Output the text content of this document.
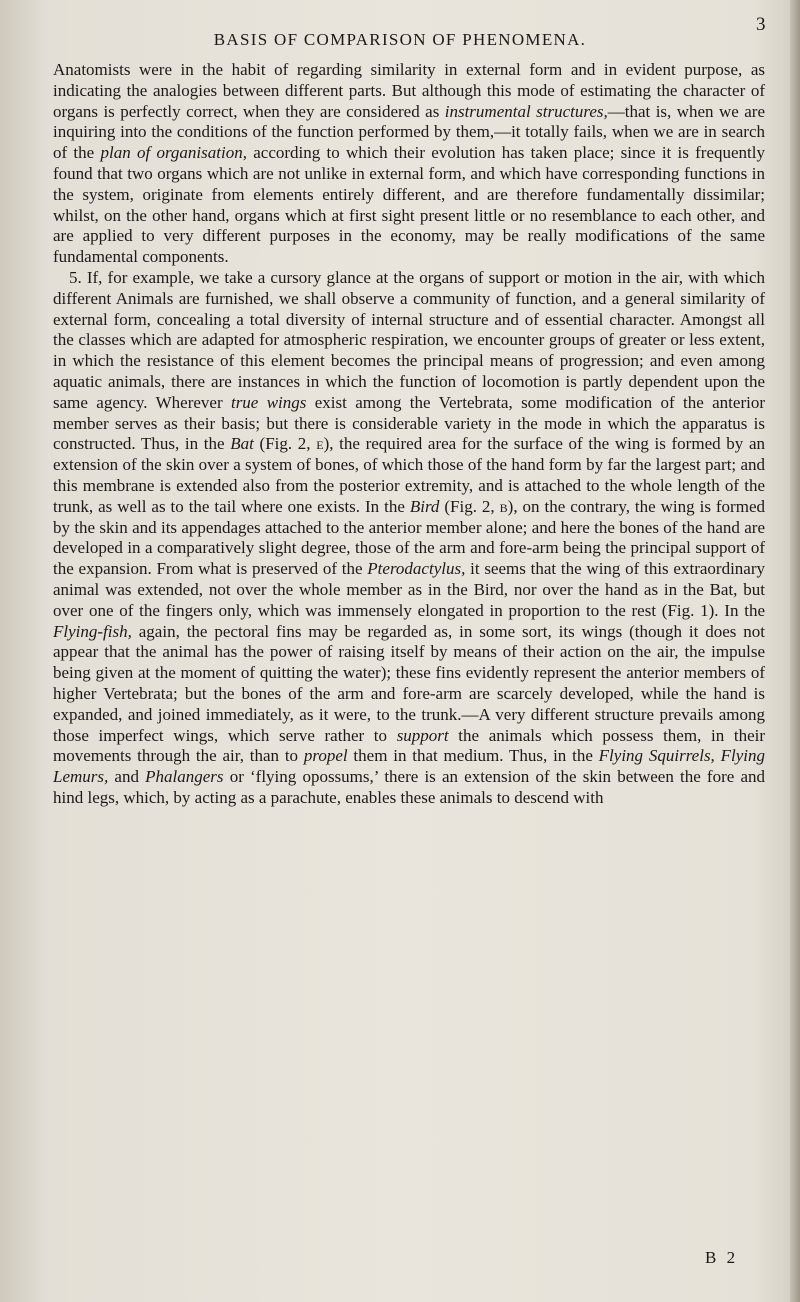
BASIS OF COMPARISON OF PHENOMENA.
3

Anatomists were in the habit of regarding similarity in external form and in evident purpose, as indicating the analogies between different parts. But although this mode of estimating the character of organs is perfectly correct, when they are considered as instrumental structures,—that is, when we are inquiring into the conditions of the function performed by them,—it totally fails, when we are in search of the plan of organisation, according to which their evolution has taken place; since it is frequently found that two organs which are not unlike in external form, and which have corresponding functions in the system, originate from elements entirely different, and are therefore fundamentally dissimilar; whilst, on the other hand, organs which at first sight present little or no resemblance to each other, and are applied to very different purposes in the economy, may be really modifications of the same fundamental components.

5. If, for example, we take a cursory glance at the organs of support or motion in the air, with which different Animals are furnished, we shall observe a community of function, and a general similarity of external form, concealing a total diversity of internal structure and of essential character. Amongst all the classes which are adapted for atmospheric respiration, we encounter groups of greater or less extent, in which the resistance of this element becomes the principal means of progression; and even among aquatic animals, there are instances in which the function of locomotion is partly dependent upon the same agency. Wherever true wings exist among the Vertebrata, some modification of the anterior member serves as their basis; but there is considerable variety in the mode in which the apparatus is constructed. Thus, in the Bat (Fig. 2, e), the required area for the surface of the wing is formed by an extension of the skin over a system of bones, of which those of the hand form by far the largest part; and this membrane is extended also from the posterior extremity, and is attached to the whole length of the trunk, as well as to the tail where one exists. In the Bird (Fig. 2, b), on the contrary, the wing is formed by the skin and its appendages attached to the anterior member alone; and here the bones of the hand are developed in a comparatively slight degree, those of the arm and fore-arm being the principal support of the expansion. From what is preserved of the Pterodactylus, it seems that the wing of this extraordinary animal was extended, not over the whole member as in the Bird, nor over the hand as in the Bat, but over one of the fingers only, which was immensely elongated in proportion to the rest (Fig. 1). In the Flying-fish, again, the pectoral fins may be regarded as, in some sort, its wings (though it does not appear that the animal has the power of raising itself by means of their action on the air, the impulse being given at the moment of quitting the water); these fins evidently represent the anterior members of higher Vertebrata; but the bones of the arm and fore-arm are scarcely developed, while the hand is expanded, and joined immediately, as it were, to the trunk.—A very different structure prevails among those imperfect wings, which serve rather to support the animals which possess them, in their movements through the air, than to propel them in that medium. Thus, in the Flying Squirrels, Flying Lemurs, and Phalangers or ‘flying opossums,’ there is an extension of the skin between the fore and hind legs, which, by acting as a parachute, enables these animals to descend with

B 2
